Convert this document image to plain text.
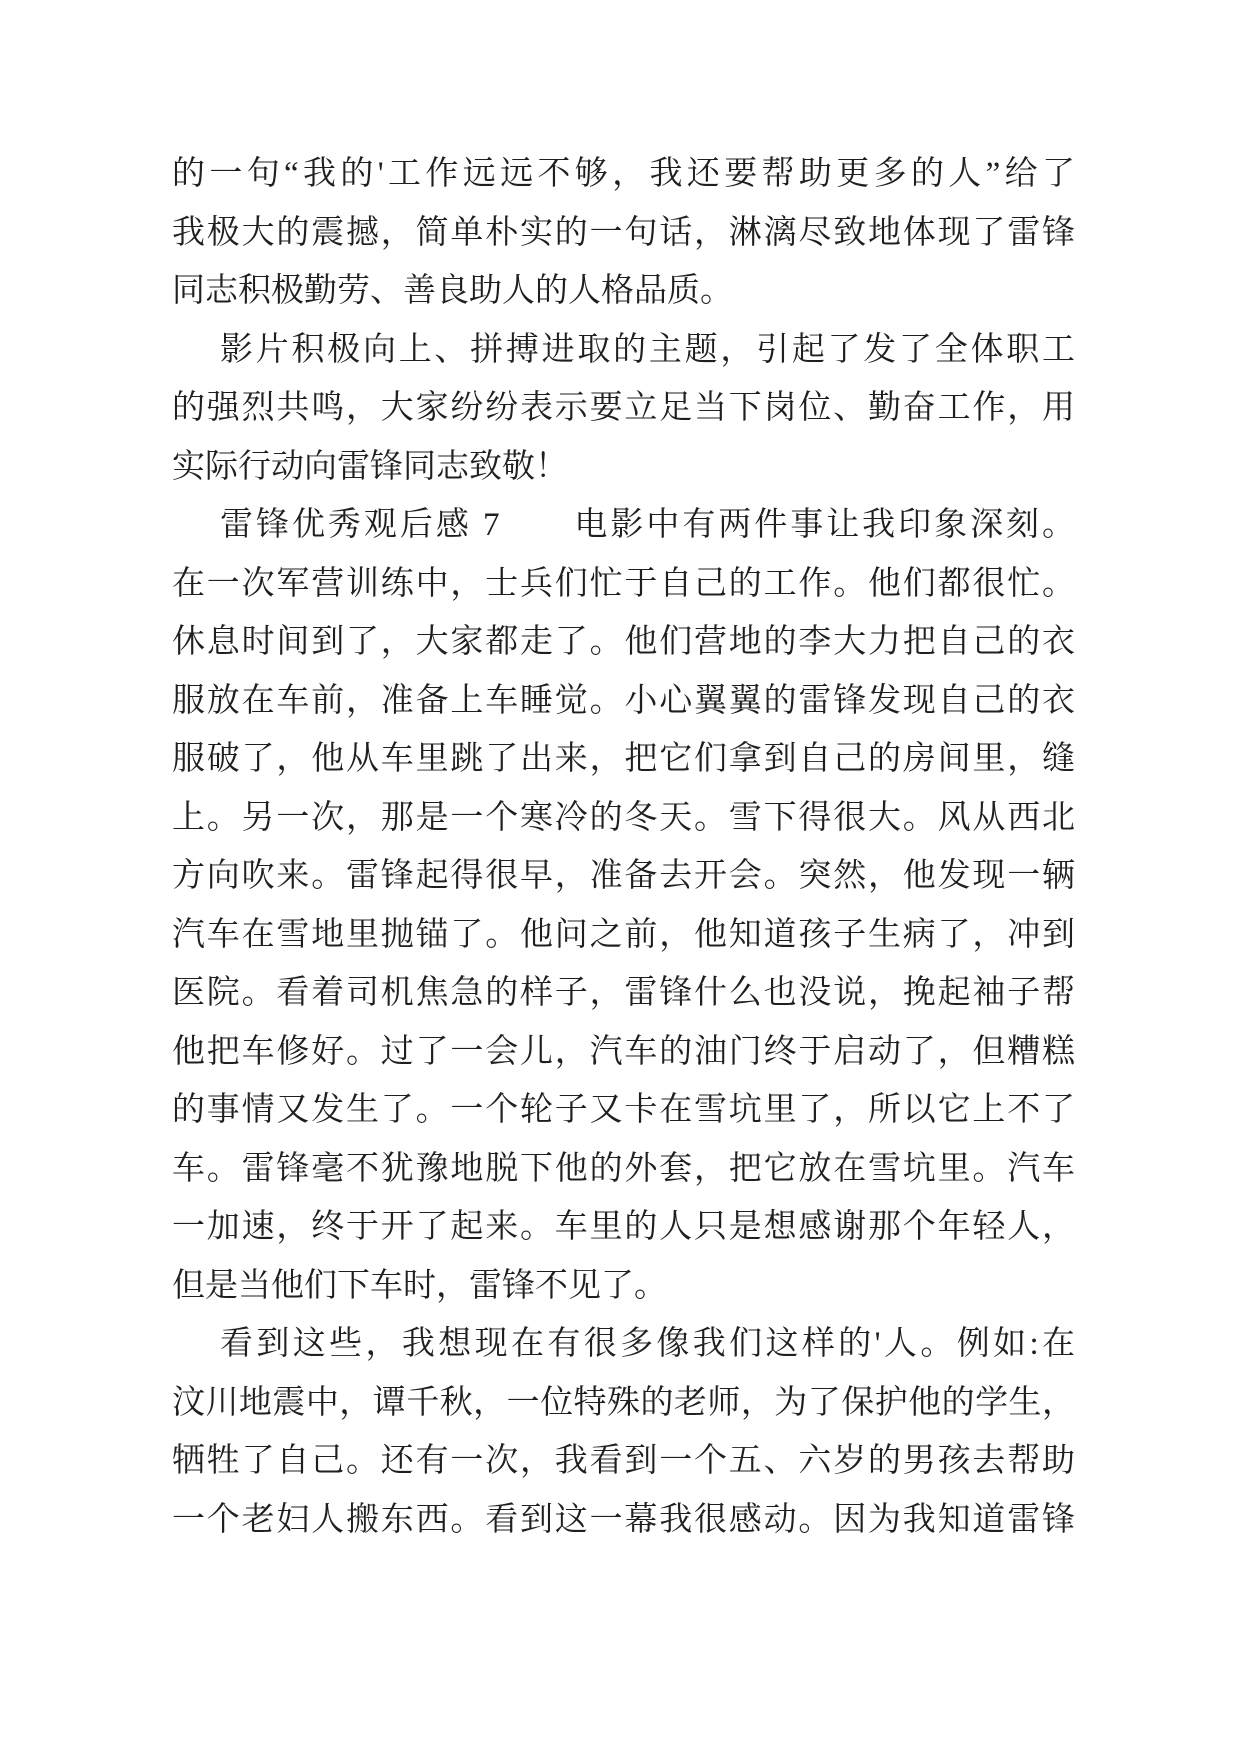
的一句“我的'工作远远不够，我还要帮助更多的人”给了
我极大的震撼，简单朴实的一句话，淋漓尽致地体现了雷锋
同志积极勤劳、善良助人的人格品质。
影片积极向上、拼搏进取的主题，引起了发了全体职工
的强烈共鸣，大家纷纷表示要立足当下岗位、勤奋工作，用
实际行动向雷锋同志致敬！
雷锋优秀观后感 7　　电影中有两件事让我印象深刻。
在一次军营训练中，士兵们忙于自己的工作。他们都很忙。
休息时间到了，大家都走了。他们营地的李大力把自己的衣
服放在车前，准备上车睡觉。小心翼翼的雷锋发现自己的衣
服破了，他从车里跳了出来，把它们拿到自己的房间里，缝
上。另一次，那是一个寒冷的冬天。雪下得很大。风从西北
方向吹来。雷锋起得很早，准备去开会。突然，他发现一辆
汽车在雪地里抛锚了。他问之前，他知道孩子生病了，冲到
医院。看着司机焦急的样子，雷锋什么也没说，挽起袖子帮
他把车修好。过了一会儿，汽车的油门终于启动了，但糟糕
的事情又发生了。一个轮子又卡在雪坑里了，所以它上不了
车。雷锋毫不犹豫地脱下他的外套，把它放在雪坑里。汽车
一加速，终于开了起来。车里的人只是想感谢那个年轻人，
但是当他们下车时，雷锋不见了。
看到这些，我想现在有很多像我们这样的'人。例如:在
汶川地震中，谭千秋，一位特殊的老师，为了保护他的学生，
牺牲了自己。还有一次，我看到一个五、六岁的男孩去帮助
一个老妇人搬东西。看到这一幕我很感动。因为我知道雷锋
